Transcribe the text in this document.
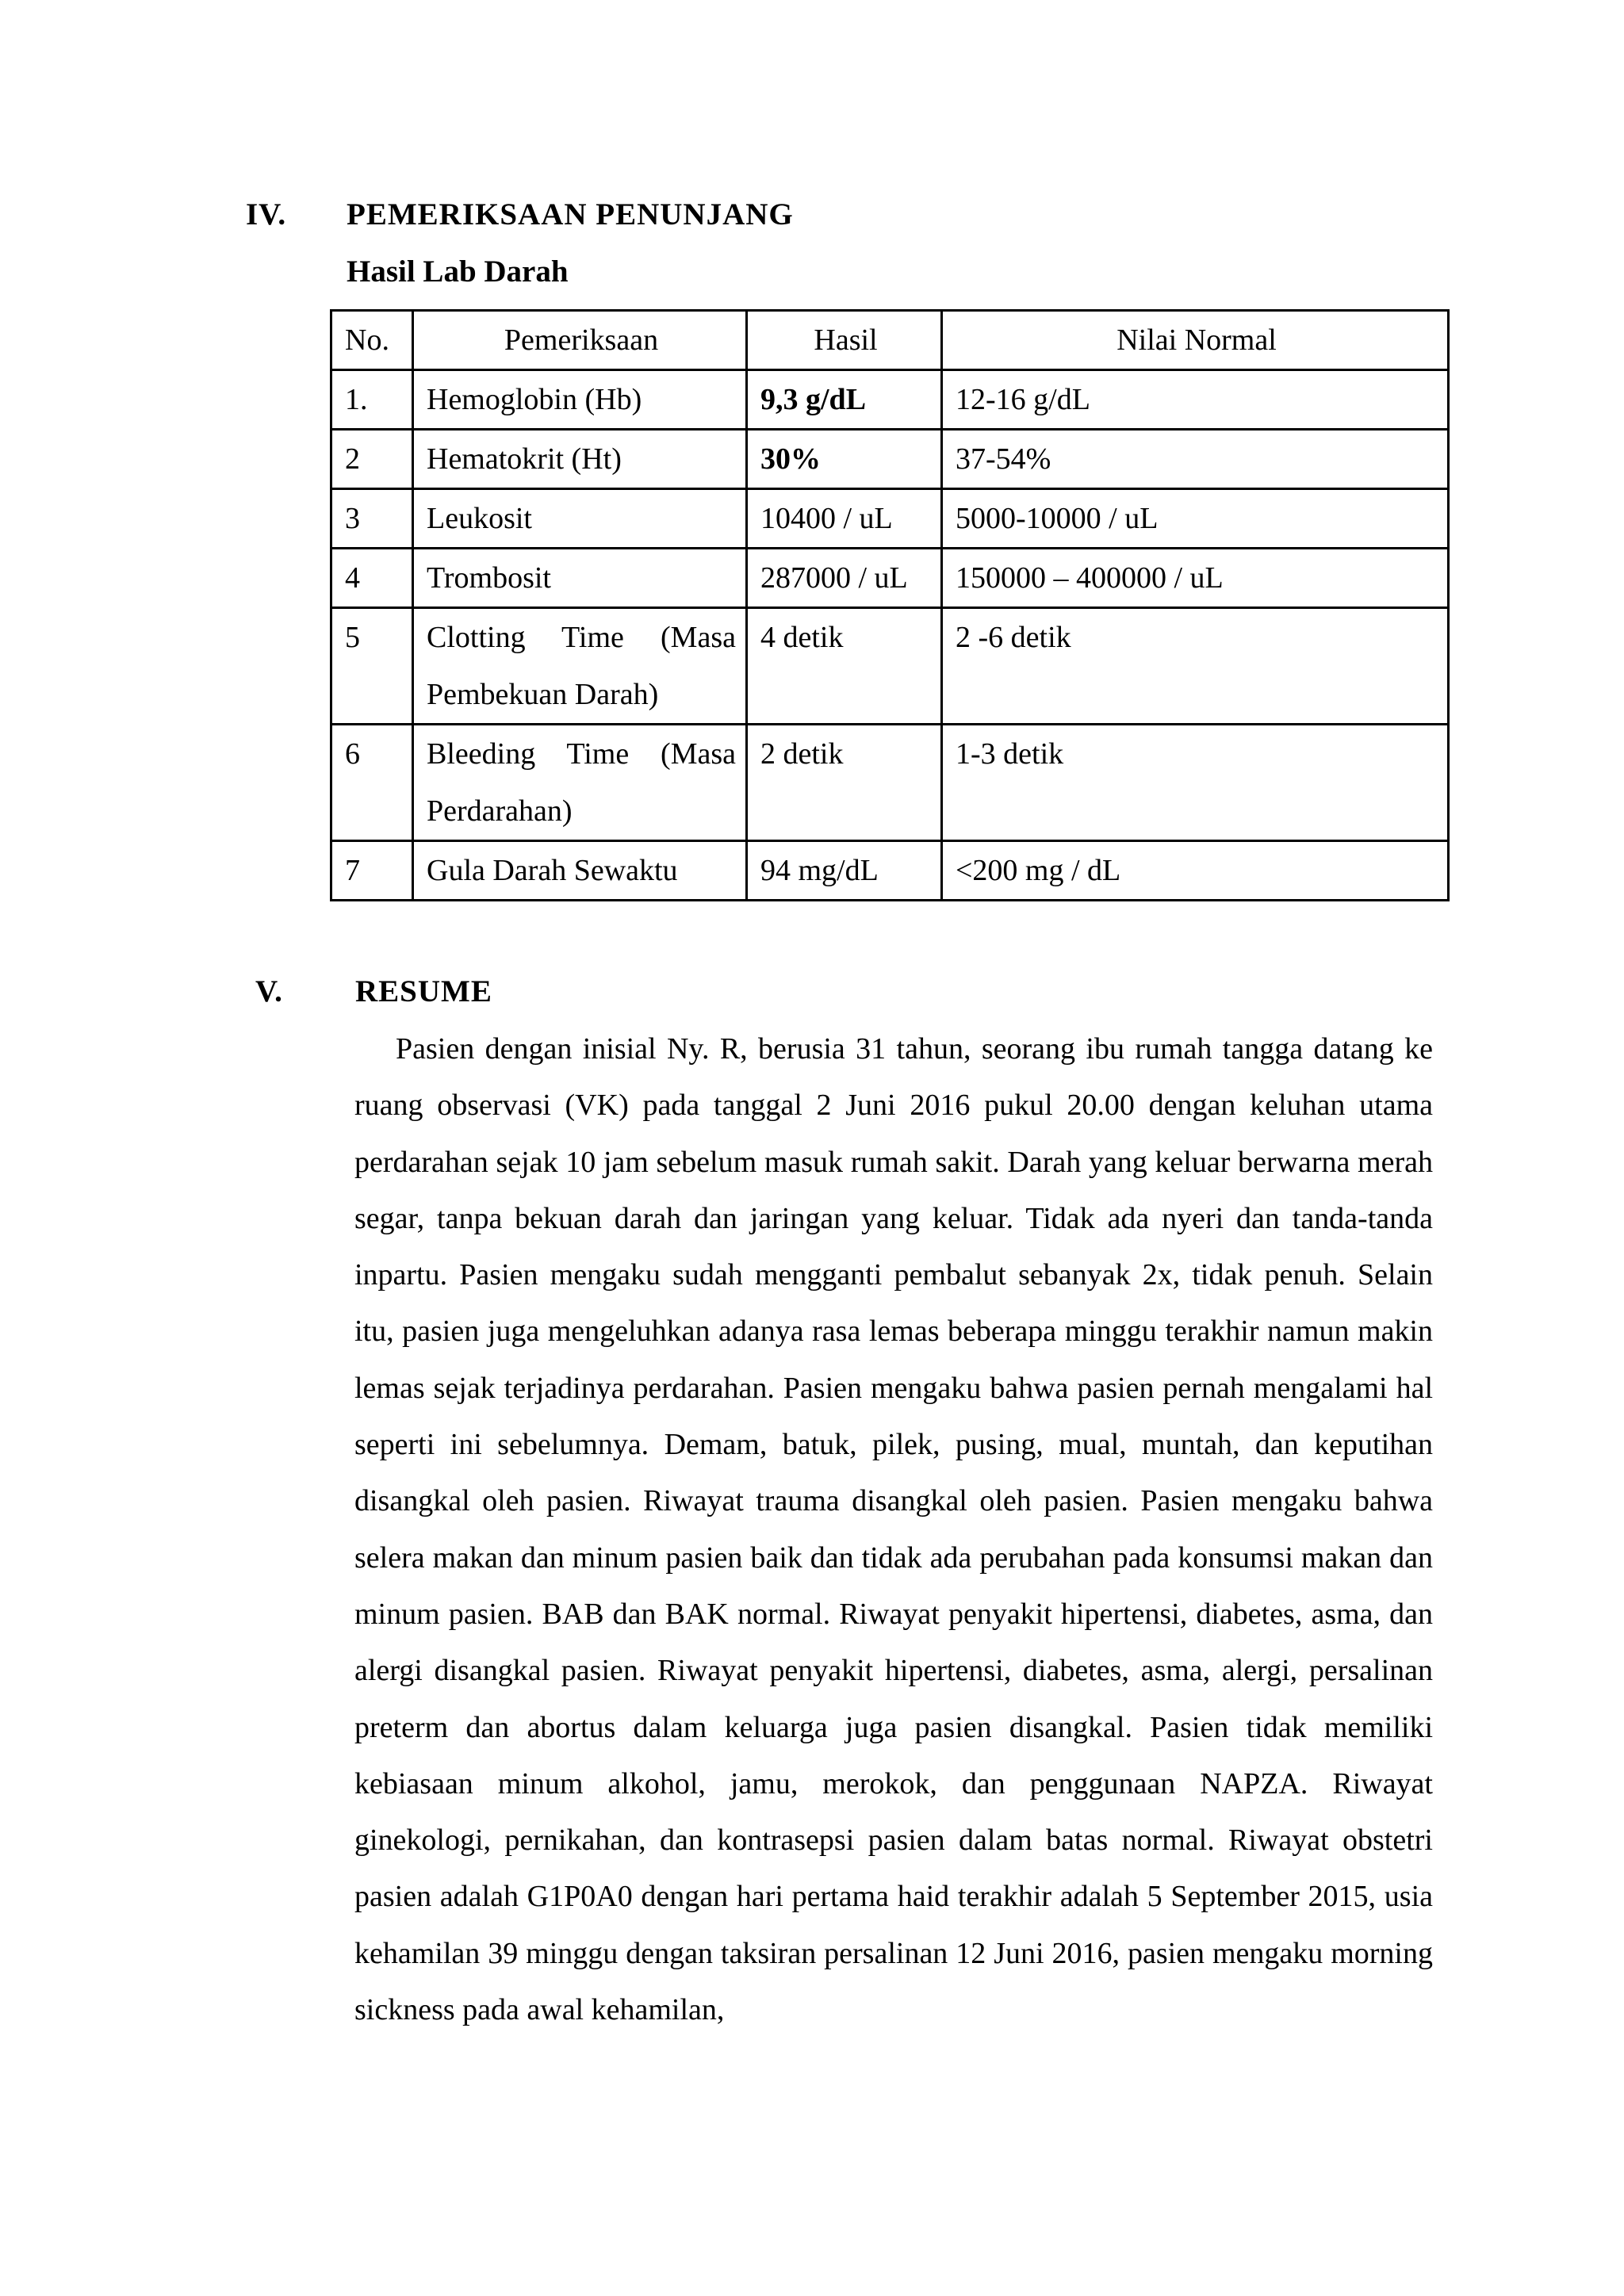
IV. PEMERIKSAAN PENUNJANG
Hasil Lab Darah
No.	Pemeriksaan	Hasil	Nilai Normal
1.	Hemoglobin (Hb)	9,3 g/dL	12-16 g/dL
2	Hematokrit (Ht)	30%	37-54%
3	Leukosit	10400 / uL	5000-10000 / uL
4	Trombosit	287000 / uL	150000 – 400000 / uL
5	Clotting Time (Masa Pembekuan Darah)	4 detik	2 -6 detik
6	Bleeding Time (Masa Perdarahan)	2 detik	1-3 detik
7	Gula Darah Sewaktu	94 mg/dL	<200 mg / dL
V. RESUME

Pasien dengan inisial Ny. R, berusia 31 tahun, seorang ibu rumah tangga datang ke ruang observasi (VK) pada tanggal 2 Juni 2016 pukul 20.00 dengan keluhan utama perdarahan sejak 10 jam sebelum masuk rumah sakit. Darah yang keluar berwarna merah segar, tanpa bekuan darah dan jaringan yang keluar. Tidak ada nyeri dan tanda-tanda inpartu. Pasien mengaku sudah mengganti pembalut sebanyak 2x, tidak penuh. Selain itu, pasien juga mengeluhkan adanya rasa lemas beberapa minggu terakhir namun makin lemas sejak terjadinya perdarahan. Pasien mengaku bahwa pasien pernah mengalami hal seperti ini sebelumnya. Demam, batuk, pilek, pusing, mual, muntah, dan keputihan disangkal oleh pasien. Riwayat trauma disangkal oleh pasien. Pasien mengaku bahwa selera makan dan minum pasien baik dan tidak ada perubahan pada konsumsi makan dan minum pasien. BAB dan BAK normal. Riwayat penyakit hipertensi, diabetes, asma, dan alergi disangkal pasien. Riwayat penyakit hipertensi, diabetes, asma, alergi, persalinan preterm dan abortus dalam keluarga juga pasien disangkal. Pasien tidak memiliki kebiasaan minum alkohol, jamu, merokok, dan penggunaan NAPZA. Riwayat ginekologi, pernikahan, dan kontrasepsi pasien dalam batas normal. Riwayat obstetri pasien adalah G1P0A0 dengan hari pertama haid terakhir adalah 5 September 2015, usia kehamilan 39 minggu dengan taksiran persalinan 12 Juni 2016, pasien mengaku morning sickness pada awal kehamilan,
